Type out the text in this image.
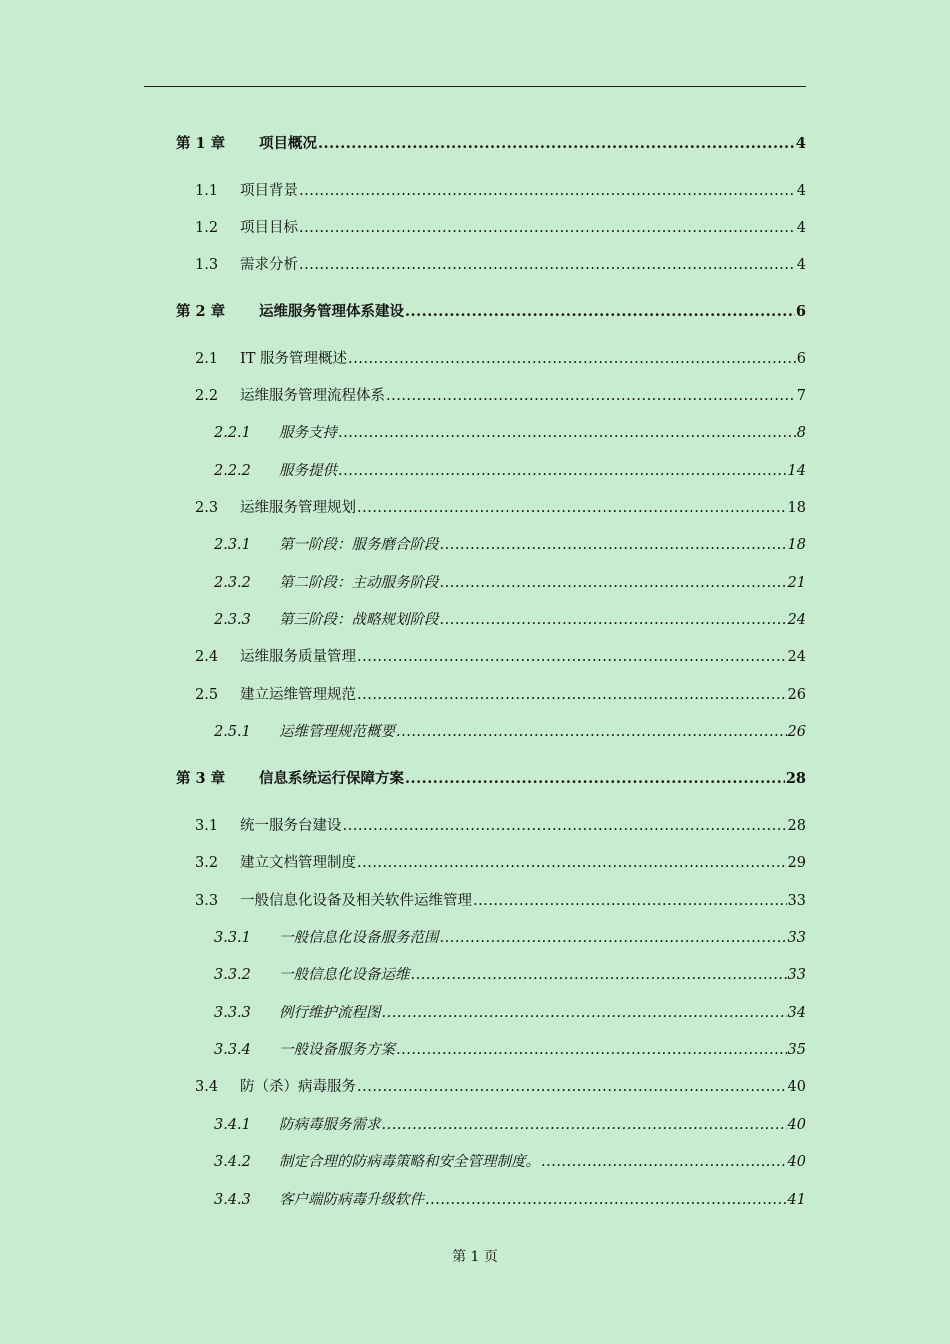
第 1 章	项目概况 .....	4
1.1	项目背景 .....	4
1.2	项目目标 .....	4
1.3	需求分析 .....	4
第 2 章	运维服务管理体系建设 .....	6
2.1	IT 服务管理概述 .....	6
2.2	运维服务管理流程体系 .....	7
2.2.1	服务支持 .....	8
2.2.2	服务提供 .....	14
2.3	运维服务管理规划 .....	18
2.3.1	第一阶段：服务磨合阶段 .....	18
2.3.2	第二阶段：主动服务阶段 .....	21
2.3.3	第三阶段：战略规划阶段 .....	24
2.4	运维服务质量管理 .....	24
2.5	建立运维管理规范 .....	26
2.5.1	运维管理规范概要 .....	26
第 3 章	信息系统运行保障方案 .....	28
3.1	统一服务台建设 .....	28
3.2	建立文档管理制度 .....	29
3.3	一般信息化设备及相关软件运维管理 .....	33
3.3.1	一般信息化设备服务范围 .....	33
3.3.2	一般信息化设备运维 .....	33
3.3.3	例行维护流程图 .....	34
3.3.4	一般设备服务方案 .....	35
3.4	防（杀）病毒服务 .....	40
3.4.1	防病毒服务需求 .....	40
3.4.2	制定合理的防病毒策略和安全管理制度。 .....	40
3.4.3	客户端防病毒升级软件 .....	41
第 1 页
